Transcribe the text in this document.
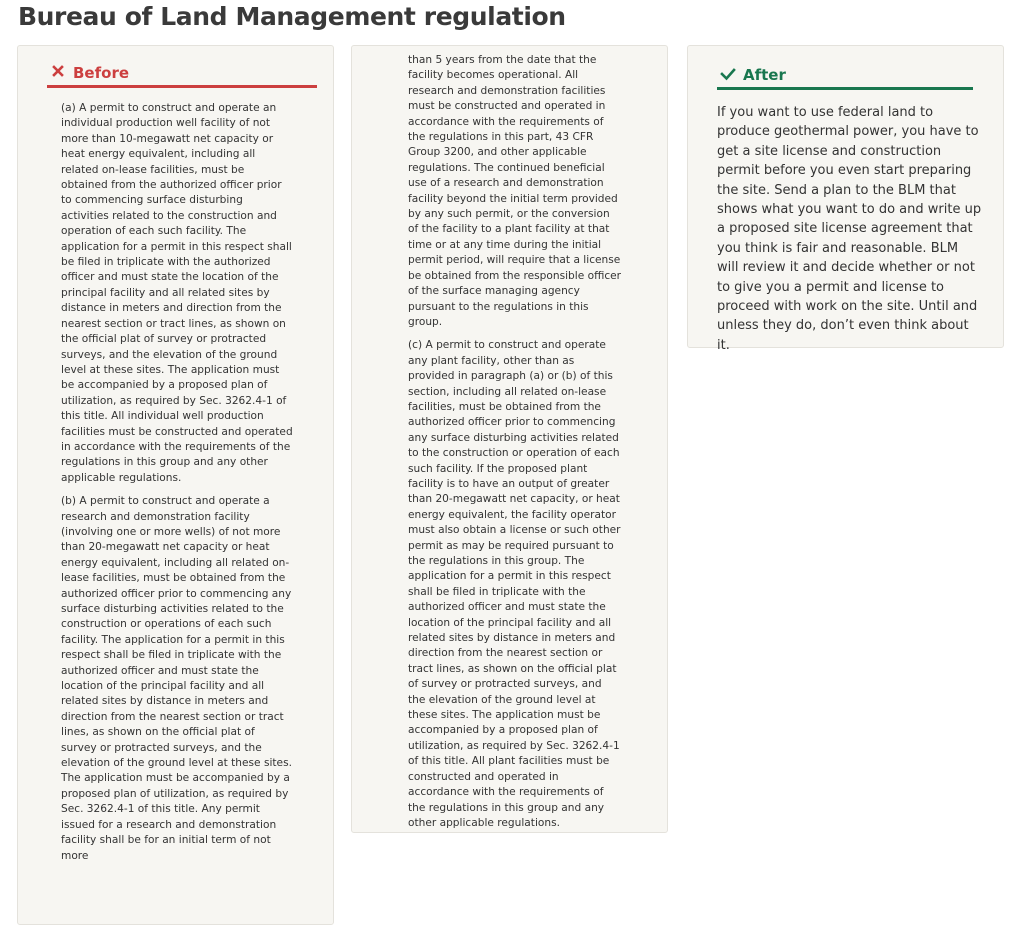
Bureau of Land Management regulation
Before

(a) A permit to construct and operate an individual production well facility of not more than 10-megawatt net capacity or heat energy equivalent, including all related on-lease facilities, must be obtained from the authorized officer prior to commencing surface disturbing activities related to the construction and operation of each such facility. The application for a permit in this respect shall be filed in triplicate with the authorized officer and must state the location of the principal facility and all related sites by distance in meters and direction from the nearest section or tract lines, as shown on the official plat of survey or protracted surveys, and the elevation of the ground level at these sites. The application must be accompanied by a proposed plan of utilization, as required by Sec. 3262.4-1 of this title. All individual well production facilities must be constructed and operated in accordance with the requirements of the regulations in this group and any other applicable regulations.

(b) A permit to construct and operate a research and demonstration facility (involving one or more wells) of not more than 20-megawatt net capacity or heat energy equivalent, including all related on-lease facilities, must be obtained from the authorized officer prior to commencing any surface disturbing activities related to the construction or operations of each such facility. The application for a permit in this respect shall be filed in triplicate with the authorized officer and must state the location of the principal facility and all related sites by distance in meters and direction from the nearest section or tract lines, as shown on the official plat of survey or protracted surveys, and the elevation of the ground level at these sites. The application must be accompanied by a proposed plan of utilization, as required by Sec. 3262.4-1 of this title. Any permit issued for a research and demonstration facility shall be for an initial term of not more

than 5 years from the date that the facility becomes operational. All research and demonstration facilities must be constructed and operated in accordance with the requirements of the regulations in this part, 43 CFR Group 3200, and other applicable regulations. The continued beneficial use of a research and demonstration facility beyond the initial term provided by any such permit, or the conversion of the facility to a plant facility at that time or at any time during the initial permit period, will require that a license be obtained from the responsible officer of the surface managing agency pursuant to the regulations in this group.

(c) A permit to construct and operate any plant facility, other than as provided in paragraph (a) or (b) of this section, including all related on-lease facilities, must be obtained from the authorized officer prior to commencing any surface disturbing activities related to the construction or operation of each such facility. If the proposed plant facility is to have an output of greater than 20-megawatt net capacity, or heat energy equivalent, the facility operator must also obtain a license or such other permit as may be required pursuant to the regulations in this group. The application for a permit in this respect shall be filed in triplicate with the authorized officer and must state the location of the principal facility and all related sites by distance in meters and direction from the nearest section or tract lines, as shown on the official plat of survey or protracted surveys, and the elevation of the ground level at these sites. The application must be accompanied by a proposed plan of utilization, as required by Sec. 3262.4-1 of this title. All plant facilities must be constructed and operated in accordance with the requirements of the regulations in this group and any other applicable regulations.

After

If you want to use federal land to produce geothermal power, you have to get a site license and construction permit before you even start preparing the site. Send a plan to the BLM that shows what you want to do and write up a proposed site license agreement that you think is fair and reasonable. BLM will review it and decide whether or not to give you a permit and license to proceed with work on the site. Until and unless they do, don’t even think about it.
